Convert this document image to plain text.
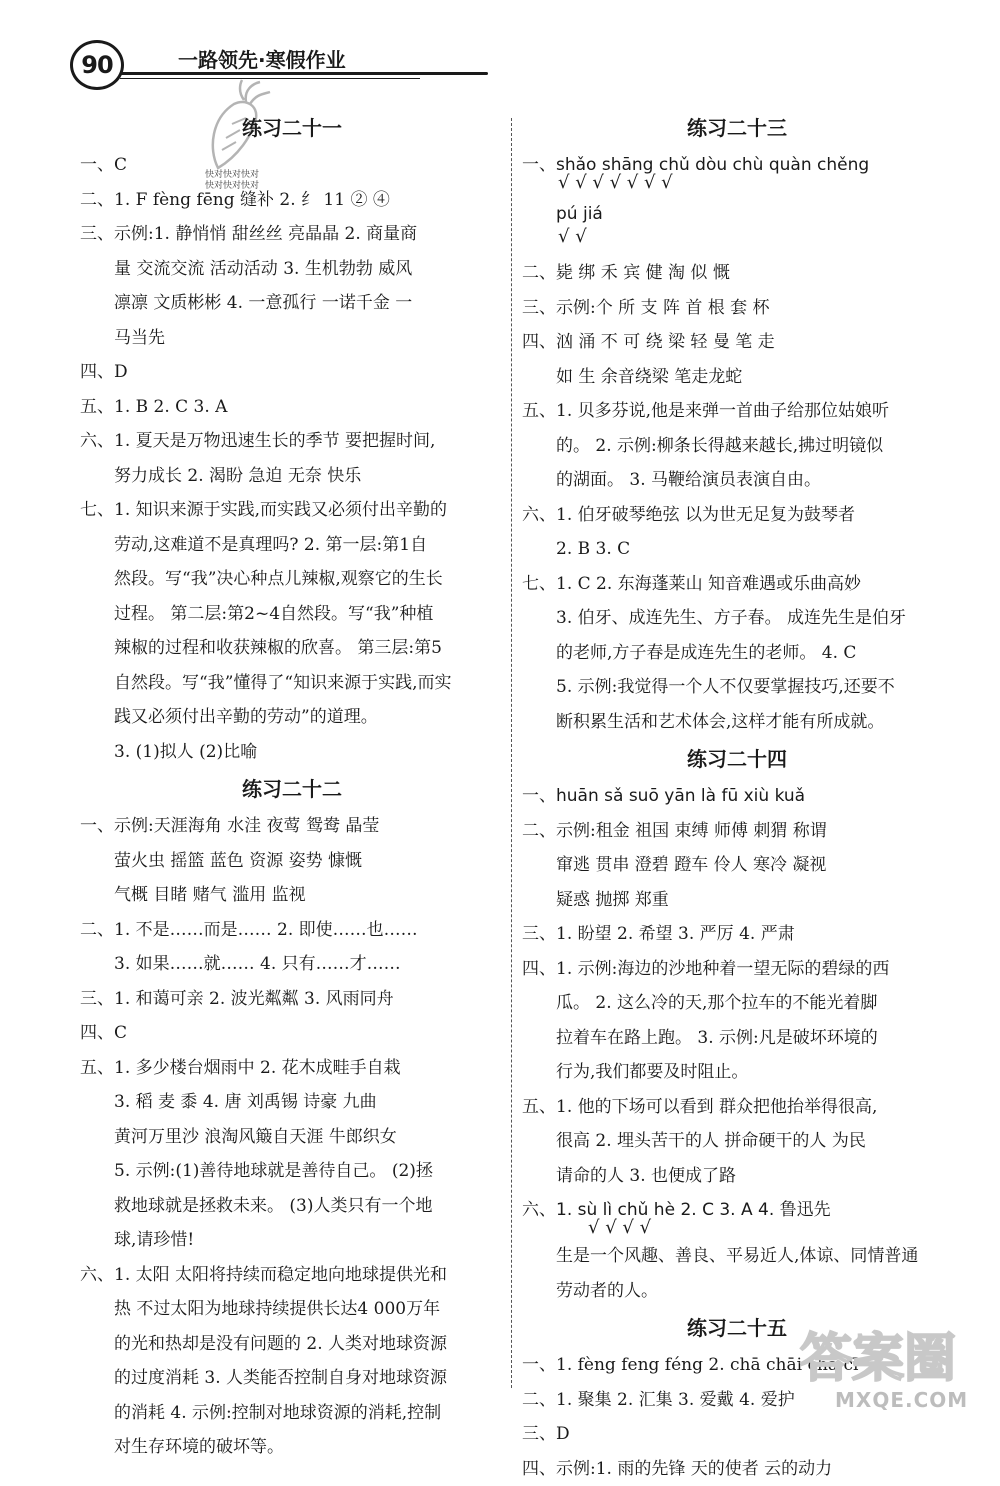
90	一路领先·寒假作业
快对快对快对
快对快对快对
练习二十一
一、C
二、1. F fèng fēng 缝补 2. 纟 11 ② ④
三、示例:1. 静悄悄 甜丝丝 亮晶晶 2. 商量商
量 交流交流 活动活动 3. 生机勃勃 威风
凛凛 文质彬彬 4. 一意孤行 一诺千金 一
马当先
四、D
五、1. B 2. C 3. A
六、1. 夏天是万物迅速生长的季节 要把握时间,
努力成长 2. 渴盼 急迫 无奈 快乐
七、1. 知识来源于实践,而实践又必须付出辛勤的
劳动,这难道不是真理吗? 2. 第一层:第1自
然段。写“我”决心种点儿辣椒,观察它的生长
过程。 第二层:第2~4自然段。写“我”种植
辣椒的过程和收获辣椒的欣喜。 第三层:第5
自然段。写“我”懂得了“知识来源于实践,而实
践又必须付出辛勤的劳动”的道理。
3. (1)拟人 (2)比喻
练习二十二
一、示例:天涯海角 水洼 夜莺 鸳鸯 晶莹
萤火虫 摇篮 蓝色 资源 姿势 慷慨
气概 目睹 赌气 滥用 监视
二、1. 不是……而是…… 2. 即使……也……
3. 如果……就…… 4. 只有……才……
三、1. 和蔼可亲 2. 波光粼粼 3. 风雨同舟
四、C
五、1. 多少楼台烟雨中 2. 花木成畦手自栽
3. 稻 麦 黍 4. 唐 刘禹锡 诗豪 九曲
黄河万里沙 浪淘风簸自天涯 牛郎织女
5. 示例:(1)善待地球就是善待自己。 (2)拯
救地球就是拯救未来。 (3)人类只有一个地
球,请珍惜!
六、1. 太阳 太阳将持续而稳定地向地球提供光和
热 不过太阳为地球持续提供长达4 000万年
的光和热却是没有问题的 2. 人类对地球资源
的过度消耗 3. 人类能否控制自身对地球资源
的消耗 4. 示例:控制对地球资源的消耗,控制
对生存环境的破坏等。
练习二十三
一、shǎo shāng chǔ dòu chù quàn chěng
√ √ √ √ √ √ √
pú jiá
√ √
二、毙 绑 禾 宾 健 淘 似 慨
三、示例:个 所 支 阵 首 根 套 杯
四、汹 涌 不 可 绕 梁 轻 曼 笔 走
如 生 余音绕梁 笔走龙蛇
五、1. 贝多芬说,他是来弹一首曲子给那位姑娘听
的。 2. 示例:柳条长得越来越长,拂过明镜似
的湖面。 3. 马鞭给演员表演自由。
六、1. 伯牙破琴绝弦 以为世无足复为鼓琴者
2. B 3. C
七、1. C 2. 东海蓬莱山 知音难遇或乐曲高妙
3. 伯牙、成连先生、方子春。 成连先生是伯牙
的老师,方子春是成连先生的老师。 4. C
5. 示例:我觉得一个人不仅要掌握技巧,还要不
断积累生活和艺术体会,这样才能有所成就。
练习二十四
一、huān sǎ suō yān là fū xiù kuǎ
二、示例:租金 祖国 束缚 师傅 刺猬 称谓
窜逃 贯串 澄碧 蹬车 伶人 寒冷 凝视
疑惑 抛掷 郑重
三、1. 盼望 2. 希望 3. 严厉 4. 严肃
四、1. 示例:海边的沙地种着一望无际的碧绿的西
瓜。 2. 这么冷的天,那个拉车的不能光着脚
拉着车在路上跑。 3. 示例:凡是破坏环境的
行为,我们都要及时阻止。
五、1. 他的下场可以看到 群众把他抬举得很高,
很高 2. 埋头苦干的人 拼命硬干的人 为民
请命的人 3. 也便成了路
六、1. sù lì chǔ hè 2. C 3. A 4. 鲁迅先
√ √ √ √
生是一个风趣、善良、平易近人,体谅、同情普通
劳动者的人。
练习二十五
一、1. fèng feng féng 2. chā chāi chà cī
二、1. 聚集 2. 汇集 3. 爱戴 4. 爱护
三、D
四、示例:1. 雨的先锋 天的使者 云的动力
答案圈
MXQE.COM
